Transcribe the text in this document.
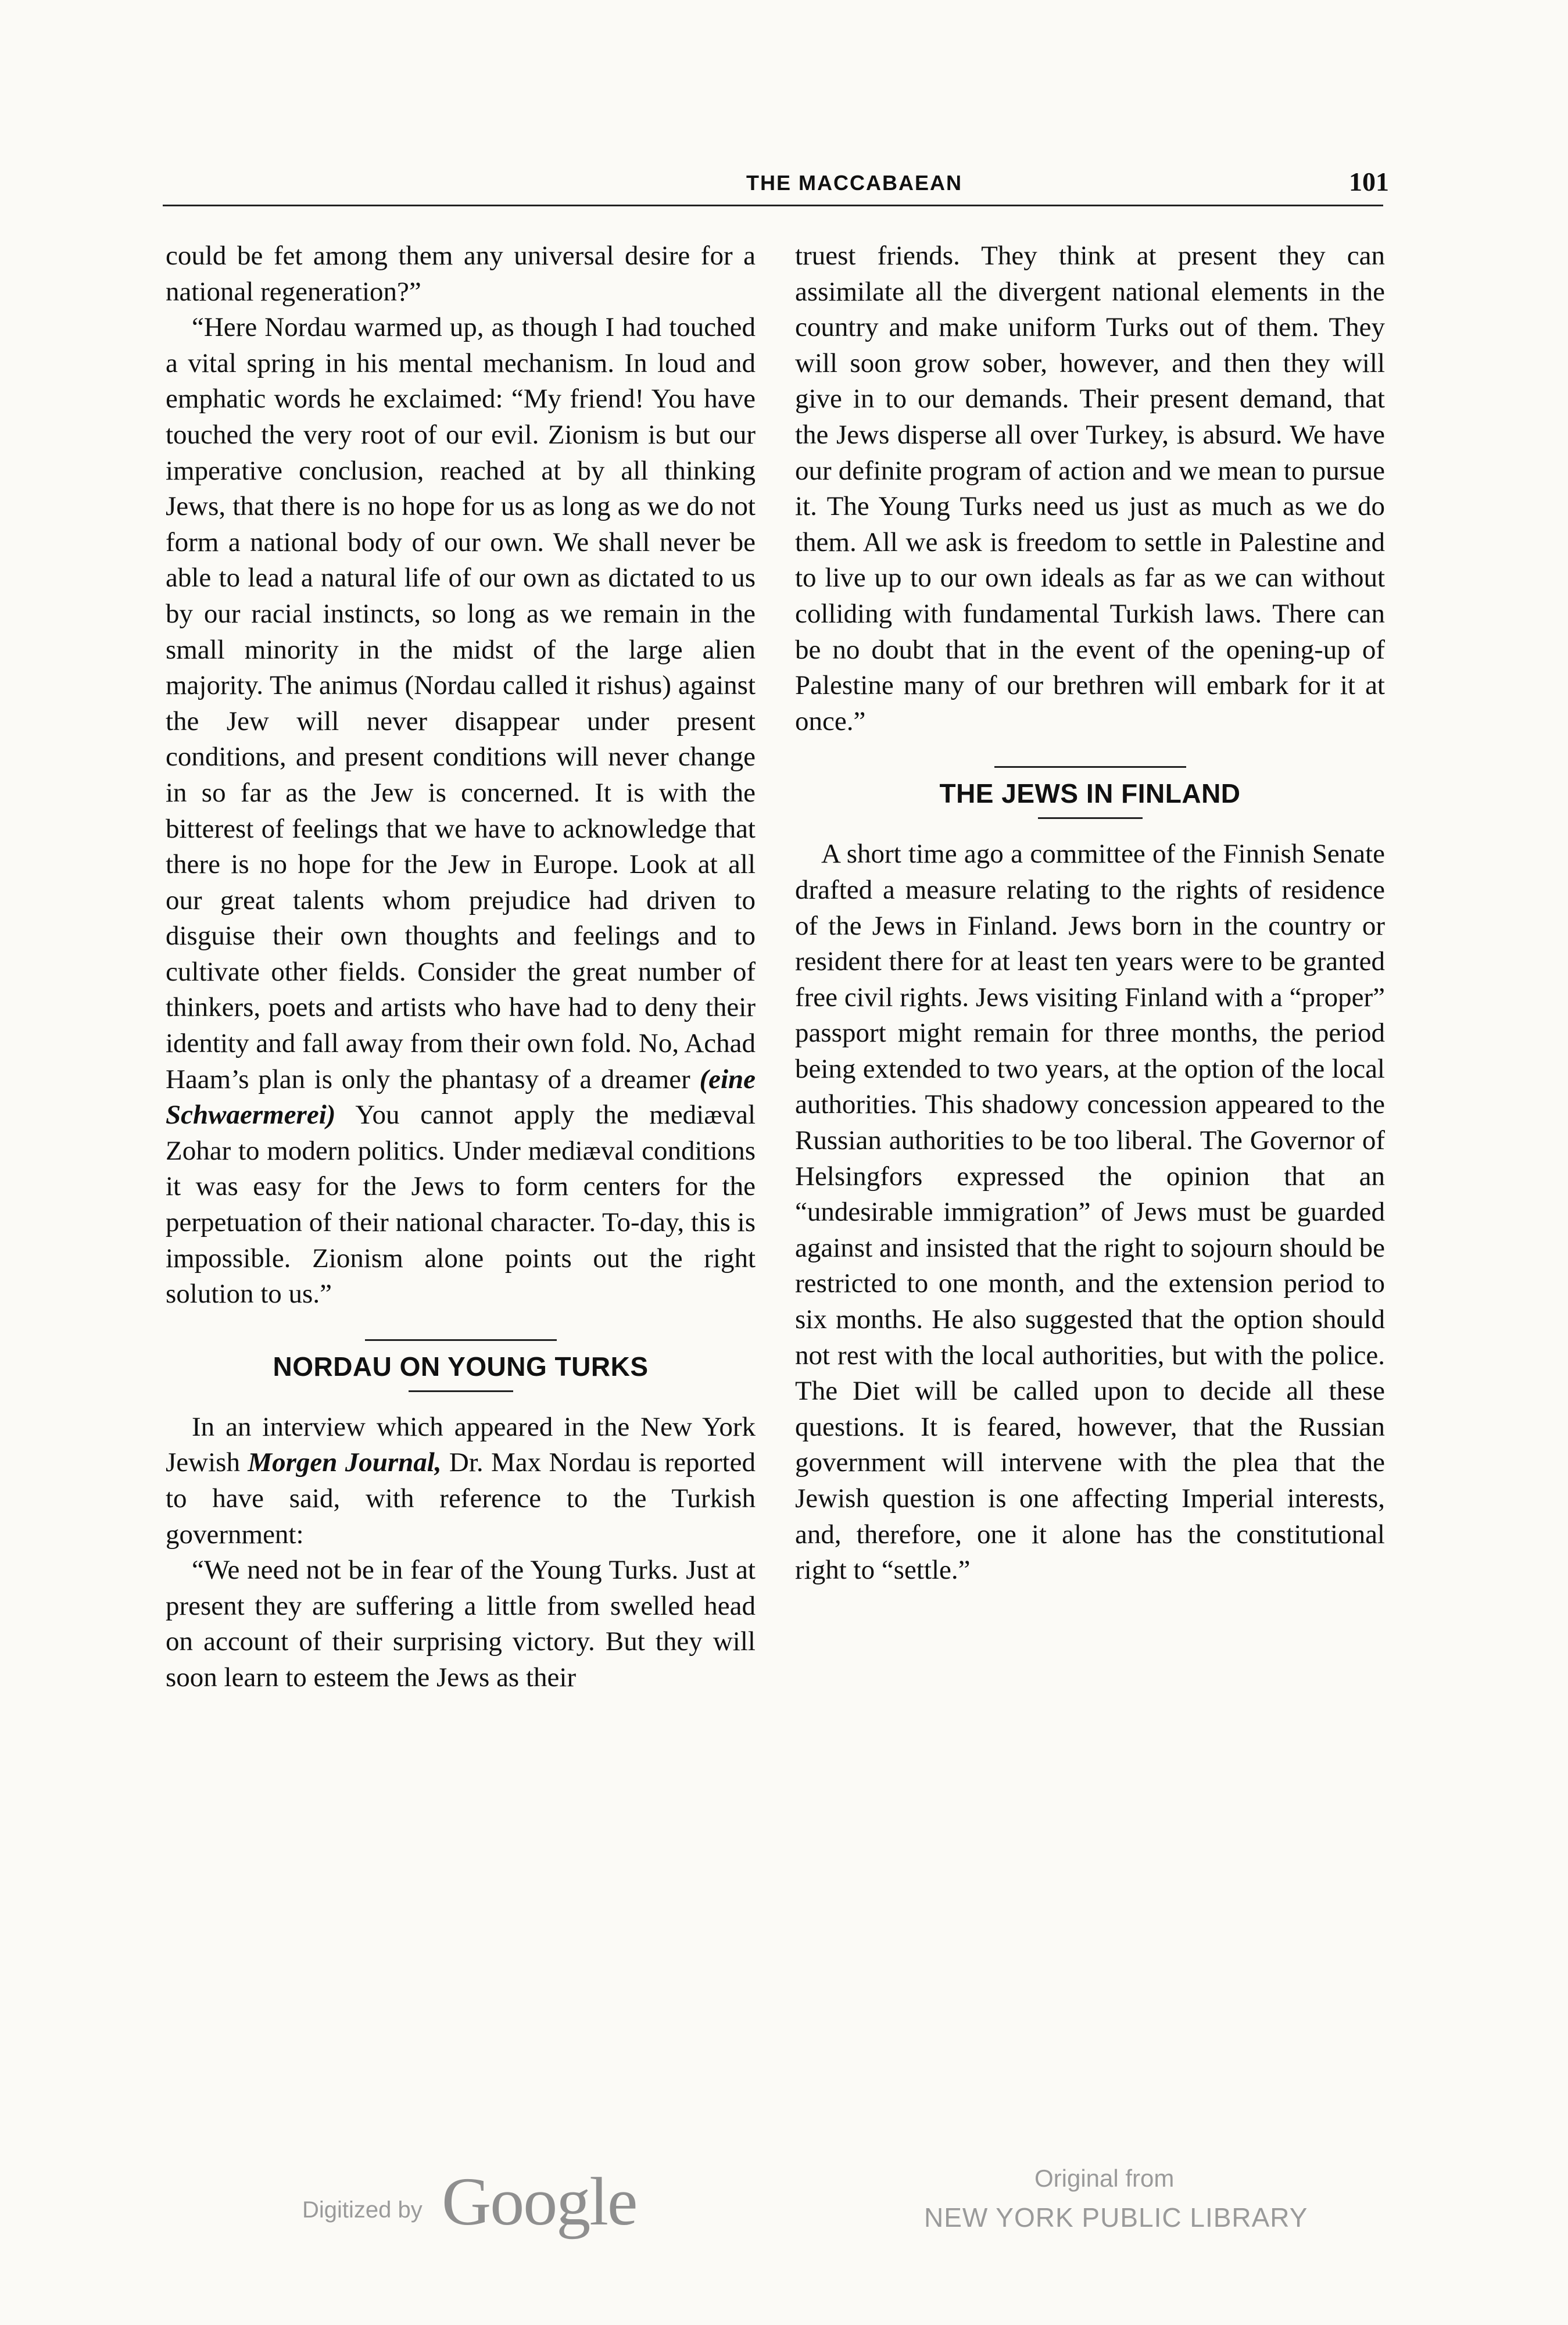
THE MACCABAEAN	101

could be fet among them any universal desire for a national regeneration?”

“Here Nordau warmed up, as though I had touched a vital spring in his mental mechanism. In loud and emphatic words he exclaimed: “My friend! You have touched the very root of our evil. Zionism is but our imperative conclusion, reached at by all thinking Jews, that there is no hope for us as long as we do not form a national body of our own. We shall never be able to lead a natural life of our own as dictated to us by our racial instincts, so long as we remain in the small minority in the midst of the large alien majority. The animus (Nordau called it rishus) against the Jew will never disappear under present conditions, and present conditions will never change in so far as the Jew is concerned. It is with the bitterest of feelings that we have to acknowledge that there is no hope for the Jew in Europe. Look at all our great talents whom prejudice had driven to disguise their own thoughts and feelings and to cultivate other fields. Consider the great number of thinkers, poets and artists who have had to deny their identity and fall away from their own fold. No, Achad Haam’s plan is only the phantasy of a dreamer (eine Schwaermerei) You cannot apply the mediæval Zohar to modern politics. Under mediæval conditions it was easy for the Jews to form centers for the perpetuation of their national character. To-day, this is impossible. Zionism alone points out the right solution to us.”

NORDAU ON YOUNG TURKS

In an interview which appeared in the New York Jewish Morgen Journal, Dr. Max Nordau is reported to have said, with reference to the Turkish government:

“We need not be in fear of the Young Turks. Just at present they are suffering a little from swelled head on account of their surprising victory. But they will soon learn to esteem the Jews as their

truest friends. They think at present they can assimilate all the divergent national elements in the country and make uniform Turks out of them. They will soon grow sober, however, and then they will give in to our demands. Their present demand, that the Jews disperse all over Turkey, is absurd. We have our definite program of action and we mean to pursue it. The Young Turks need us just as much as we do them. All we ask is freedom to settle in Palestine and to live up to our own ideals as far as we can without colliding with fundamental Turkish laws. There can be no doubt that in the event of the opening-up of Palestine many of our brethren will embark for it at once.”

THE JEWS IN FINLAND

A short time ago a committee of the Finnish Senate drafted a measure relating to the rights of residence of the Jews in Finland. Jews born in the country or resident there for at least ten years were to be granted free civil rights. Jews visiting Finland with a “proper” passport might remain for three months, the period being extended to two years, at the option of the local authorities. This shadowy concession appeared to the Russian authorities to be too liberal. The Governor of Helsingfors expressed the opinion that an “undesirable immigration” of Jews must be guarded against and insisted that the right to sojourn should be restricted to one month, and the extension period to six months. He also suggested that the option should not rest with the local authorities, but with the police. The Diet will be called upon to decide all these questions. It is feared, however, that the Russian government will intervene with the plea that the Jewish question is one affecting Imperial interests, and, therefore, one it alone has the constitutional right to “settle.”

Digitized by Google	Original from
NEW YORK PUBLIC LIBRARY
